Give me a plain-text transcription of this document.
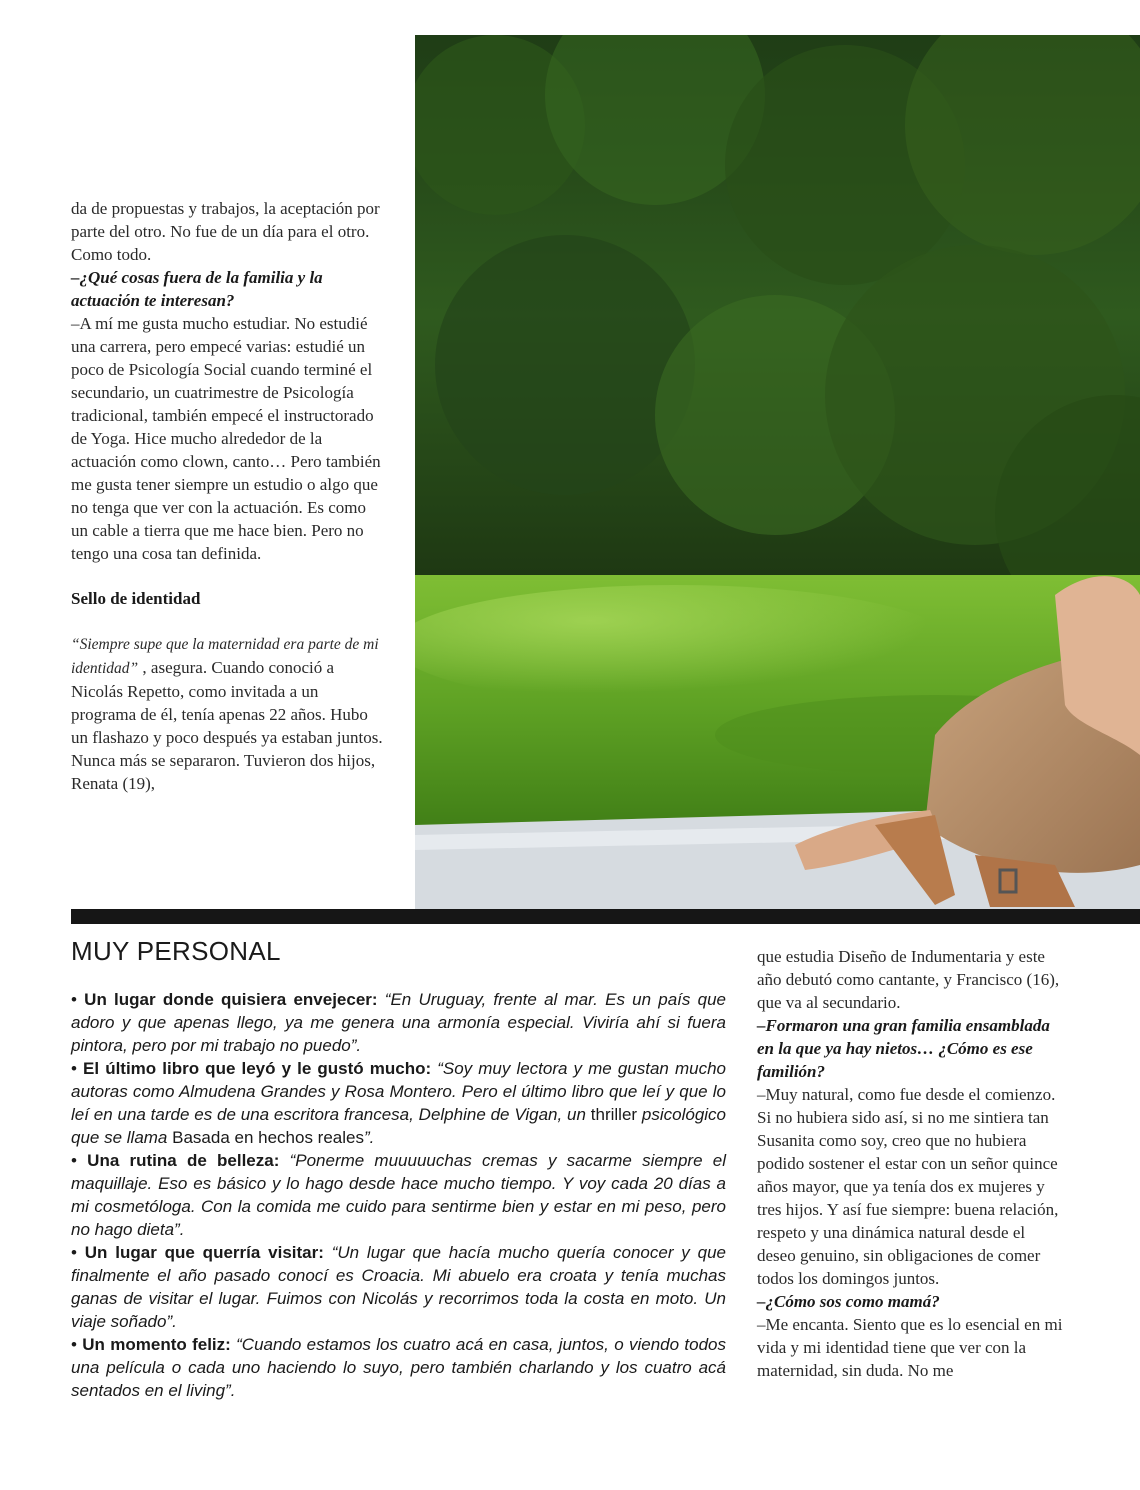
da de propuestas y trabajos, la aceptación por parte del otro. No fue de un día para el otro. Como todo.

–¿Qué cosas fuera de la familia y la actuación te interesan?

–A mí me gusta mucho estudiar. No estudié una carrera, pero empecé varias: estudié un poco de Psicología Social cuando terminé el secundario, un cuatrimestre de Psicología tradicional, también empecé el instructorado de Yoga. Hice mucho alrededor de la actuación como clown, canto… Pero también me gusta tener siempre un estudio o algo que no tenga que ver con la actuación. Es como un cable a tierra que me hace bien. Pero no tengo una cosa tan definida.

Sello de identidad

“Siempre supe que la maternidad era parte de mi identidad” , asegura. Cuando conoció a Nicolás Repetto, como invitada a un programa de él, tenía apenas 22 años. Hubo un flashazo y poco después ya estaban juntos. Nunca más se separaron. Tuvieron dos hijos, Renata (19),

MUY PERSONAL

• Un lugar donde quisiera envejecer: “En Uruguay, frente al mar. Es un país que adoro y que apenas llego, ya me genera una armonía especial. Viviría ahí si fuera pintora, pero por mi trabajo no puedo”.

• El último libro que leyó y le gustó mucho: “Soy muy lectora y me gustan mucho autoras como Almudena Grandes y Rosa Montero. Pero el último libro que leí y que lo leí en una tarde es de una escritora francesa, Delphine de Vigan, un thriller psicológico que se llama Basada en hechos reales”.

• Una rutina de belleza: “Ponerme muuuuuchas cremas y sacarme siempre el maquillaje. Eso es básico y lo hago desde hace mucho tiempo. Y voy cada 20 días a mi cosmetóloga. Con la comida me cuido para sentirme bien y estar en mi peso, pero no hago dieta”.

• Un lugar que querría visitar: “Un lugar que hacía mucho quería conocer y que finalmente el año pasado conocí es Croacia. Mi abuelo era croata y tenía muchas ganas de visitar el lugar. Fuimos con Nicolás y recorrimos toda la costa en moto. Un viaje soñado”.

• Un momento feliz: “Cuando estamos los cuatro acá en casa, juntos, o viendo todos una película o cada uno haciendo lo suyo, pero también charlando y los cuatro acá sentados en el living”.

que estudia Diseño de Indumentaria y este año debutó como cantante, y Francisco (16), que va al secundario.

–Formaron una gran familia ensamblada en la que ya hay nietos… ¿Cómo es ese familión?

–Muy natural, como fue desde el comienzo. Si no hubiera sido así, si no me sintiera tan Susanita como soy, creo que no hubiera podido sostener el estar con un señor quince años mayor, que ya tenía dos ex mujeres y tres hijos. Y así fue siempre: buena relación, respeto y una dinámica natural desde el deseo genuino, sin obligaciones de comer todos los domingos juntos.

–¿Cómo sos como mamá?

–Me encanta. Siento que es lo esencial en mi vida y mi identidad tiene que ver con la maternidad, sin duda. No me
